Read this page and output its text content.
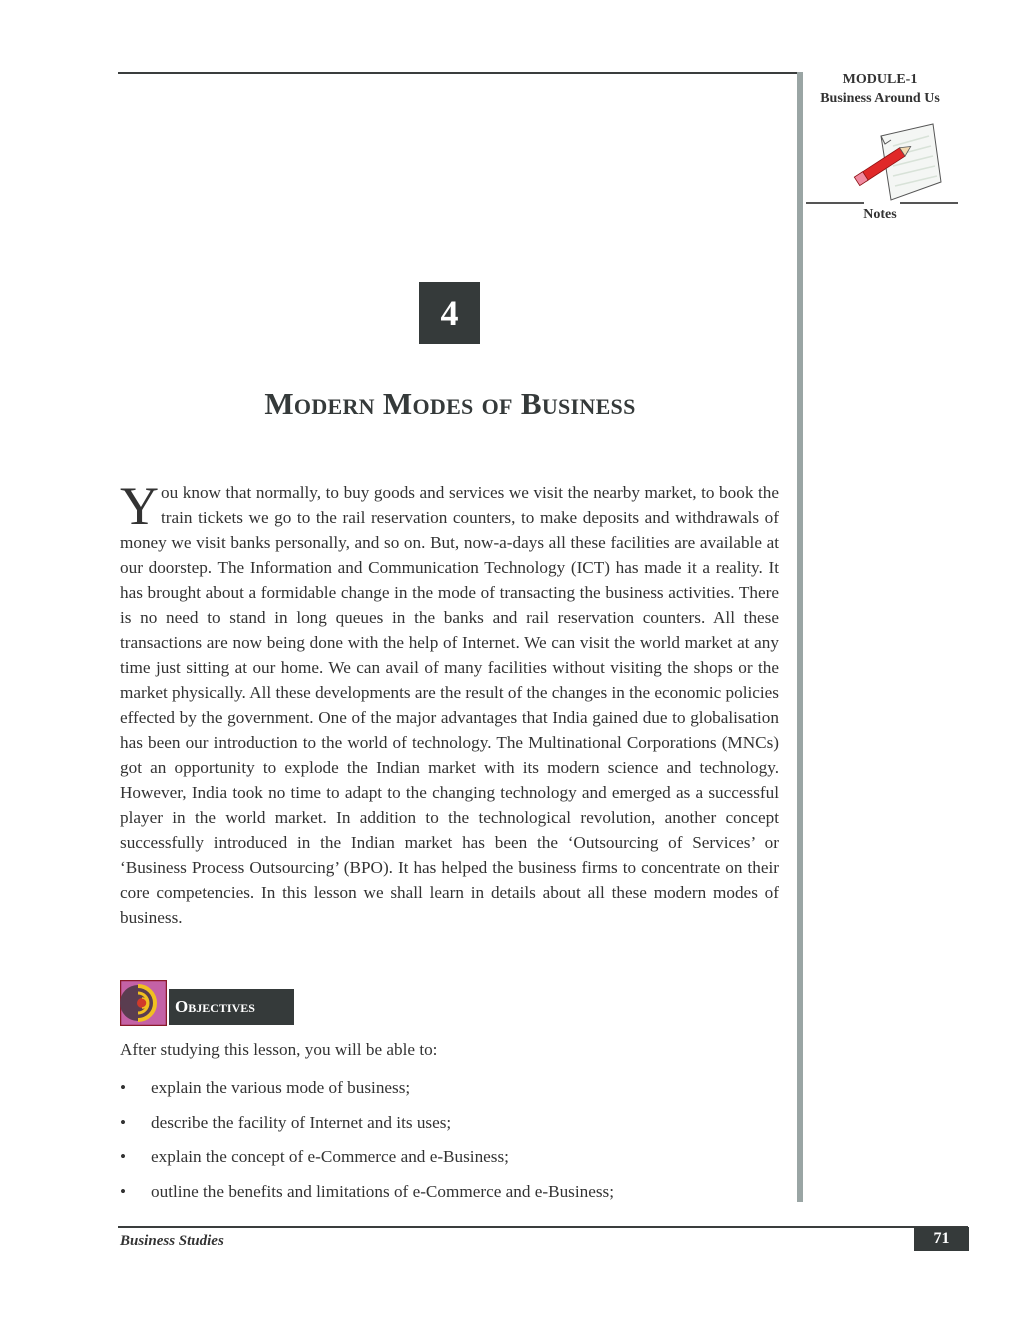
MODULE-1
Business Around Us
Notes
4
Modern Modes of Business
You know that normally, to buy goods and services we visit the nearby market, to book the train tickets we go to the rail reservation counters, to make deposits and withdrawals of money we visit banks personally, and so on. But, now-a-days all these facilities are available at our doorstep. The Information and Communication Technology (ICT) has made it a reality. It has brought about a formidable change in the mode of transacting the business activities. There is no need to stand in long queues in the banks and rail reservation counters. All these transactions are now being done with the help of Internet. We can visit the world market at any time just sitting at our home. We can avail of many facilities without visiting the shops or the market physically. All these developments are the result of the changes in the economic policies effected by the government. One of the major advantages that India gained due to globalisation has been our introduction to the world of technology. The Multinational Corporations (MNCs) got an opportunity to explode the Indian market with its modern science and technology. However, India took no time to adapt to the changing technology and emerged as a successful player in the world market. In addition to the technological revolution, another concept successfully introduced in the Indian market has been the ‘Outsourcing of Services’ or ‘Business Process Outsourcing’ (BPO). It has helped the business firms to concentrate on their core competencies. In this lesson we shall learn in details about all these modern modes of business.
Objectives
After studying this lesson, you will be able to:
• explain the various mode of business;
• describe the facility of Internet and its uses;
• explain the concept of e-Commerce and e-Business;
• outline the benefits and limitations of e-Commerce and e-Business;
Business Studies	71
